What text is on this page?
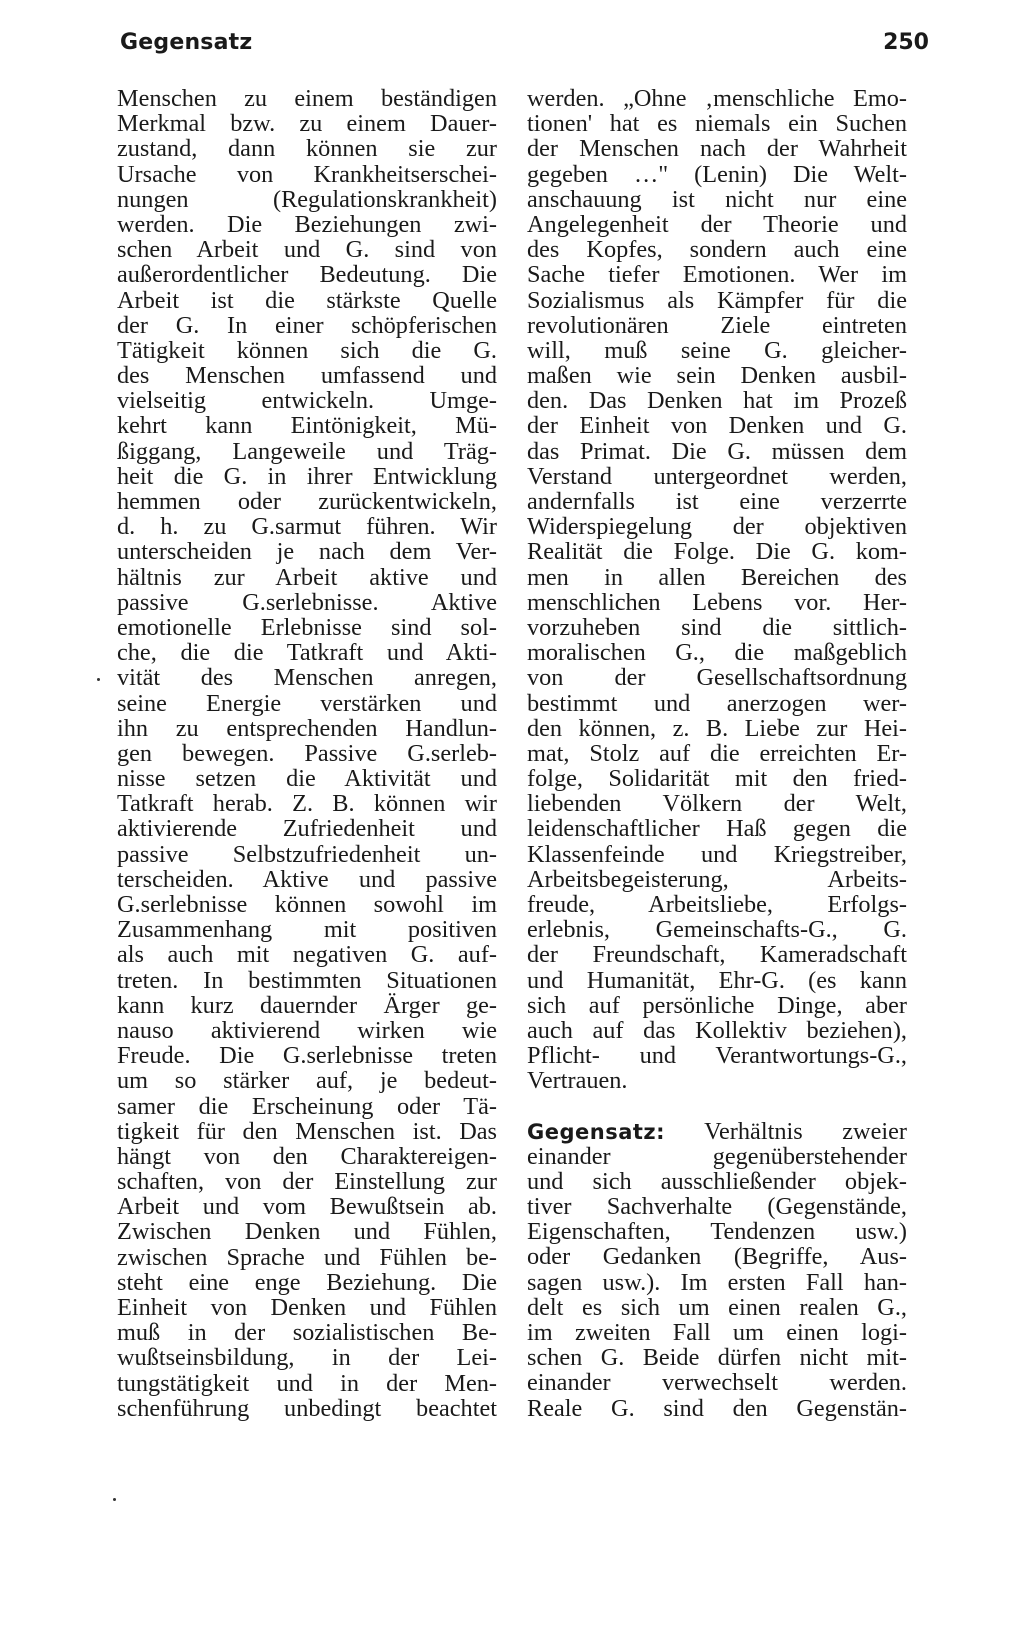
Gegensatz	250
Menschen zu einem beständigen
Merkmal bzw. zu einem Dauer-
zustand, dann können sie zur
Ursache von Krankheitserschei-
nungen (Regulationskrankheit)
werden. Die Beziehungen zwi-
schen Arbeit und G. sind von
außerordentlicher Bedeutung. Die
Arbeit ist die stärkste Quelle
der G. In einer schöpferischen
Tätigkeit können sich die G.
des Menschen umfassend und
vielseitig entwickeln. Umge-
kehrt kann Eintönigkeit, Mü-
ßiggang, Langeweile und Träg-
heit die G. in ihrer Entwicklung
hemmen oder zurückentwickeln,
d. h. zu G.sarmut führen. Wir
unterscheiden je nach dem Ver-
hältnis zur Arbeit aktive und
passive G.serlebnisse. Aktive
emotionelle Erlebnisse sind sol-
che, die die Tatkraft und Akti-
vität des Menschen anregen,
seine Energie verstärken und
ihn zu entsprechenden Handlun-
gen bewegen. Passive G.serleb-
nisse setzen die Aktivität und
Tatkraft herab. Z. B. können wir
aktivierende Zufriedenheit und
passive Selbstzufriedenheit un-
terscheiden. Aktive und passive
G.serlebnisse können sowohl im
Zusammenhang mit positiven
als auch mit negativen G. auf-
treten. In bestimmten Situationen
kann kurz dauernder Ärger ge-
nauso aktivierend wirken wie
Freude. Die G.serlebnisse treten
um so stärker auf, je bedeut-
samer die Erscheinung oder Tä-
tigkeit für den Menschen ist. Das
hängt von den Charaktereigen-
schaften, von der Einstellung zur
Arbeit und vom Bewußtsein ab.
Zwischen Denken und Fühlen,
zwischen Sprache und Fühlen be-
steht eine enge Beziehung. Die
Einheit von Denken und Fühlen
muß in der sozialistischen Be-
wußtseinsbildung, in der Lei-
tungstätigkeit und in der Men-
schenführung unbedingt beachtet
werden. „Ohne ‚menschliche Emo-
tionen' hat es niemals ein Suchen
der Menschen nach der Wahrheit
gegeben …" (Lenin) Die Welt-
anschauung ist nicht nur eine
Angelegenheit der Theorie und
des Kopfes, sondern auch eine
Sache tiefer Emotionen. Wer im
Sozialismus als Kämpfer für die
revolutionären Ziele eintreten
will, muß seine G. gleicher-
maßen wie sein Denken ausbil-
den. Das Denken hat im Prozeß
der Einheit von Denken und G.
das Primat. Die G. müssen dem
Verstand untergeordnet werden,
andernfalls ist eine verzerrte
Widerspiegelung der objektiven
Realität die Folge. Die G. kom-
men in allen Bereichen des
menschlichen Lebens vor. Her-
vorzuheben sind die sittlich-
moralischen G., die maßgeblich
von der Gesellschaftsordnung
bestimmt und anerzogen wer-
den können, z. B. Liebe zur Hei-
mat, Stolz auf die erreichten Er-
folge, Solidarität mit den fried-
liebenden Völkern der Welt,
leidenschaftlicher Haß gegen die
Klassenfeinde und Kriegstreiber,
Arbeitsbegeisterung, Arbeits-
freude, Arbeitsliebe, Erfolgs-
erlebnis, Gemeinschafts-G., G.
der Freundschaft, Kameradschaft
und Humanität, Ehr-G. (es kann
sich auf persönliche Dinge, aber
auch auf das Kollektiv beziehen),
Pflicht- und Verantwortungs-G.,
Vertrauen.
Gegensatz: Verhältnis zweier
einander gegenüberstehender
und sich ausschließender objek-
tiver Sachverhalte (Gegenstände,
Eigenschaften, Tendenzen usw.)
oder Gedanken (Begriffe, Aus-
sagen usw.). Im ersten Fall han-
delt es sich um einen realen G.,
im zweiten Fall um einen logi-
schen G. Beide dürfen nicht mit-
einander verwechselt werden.
Reale G. sind den Gegenstän-
